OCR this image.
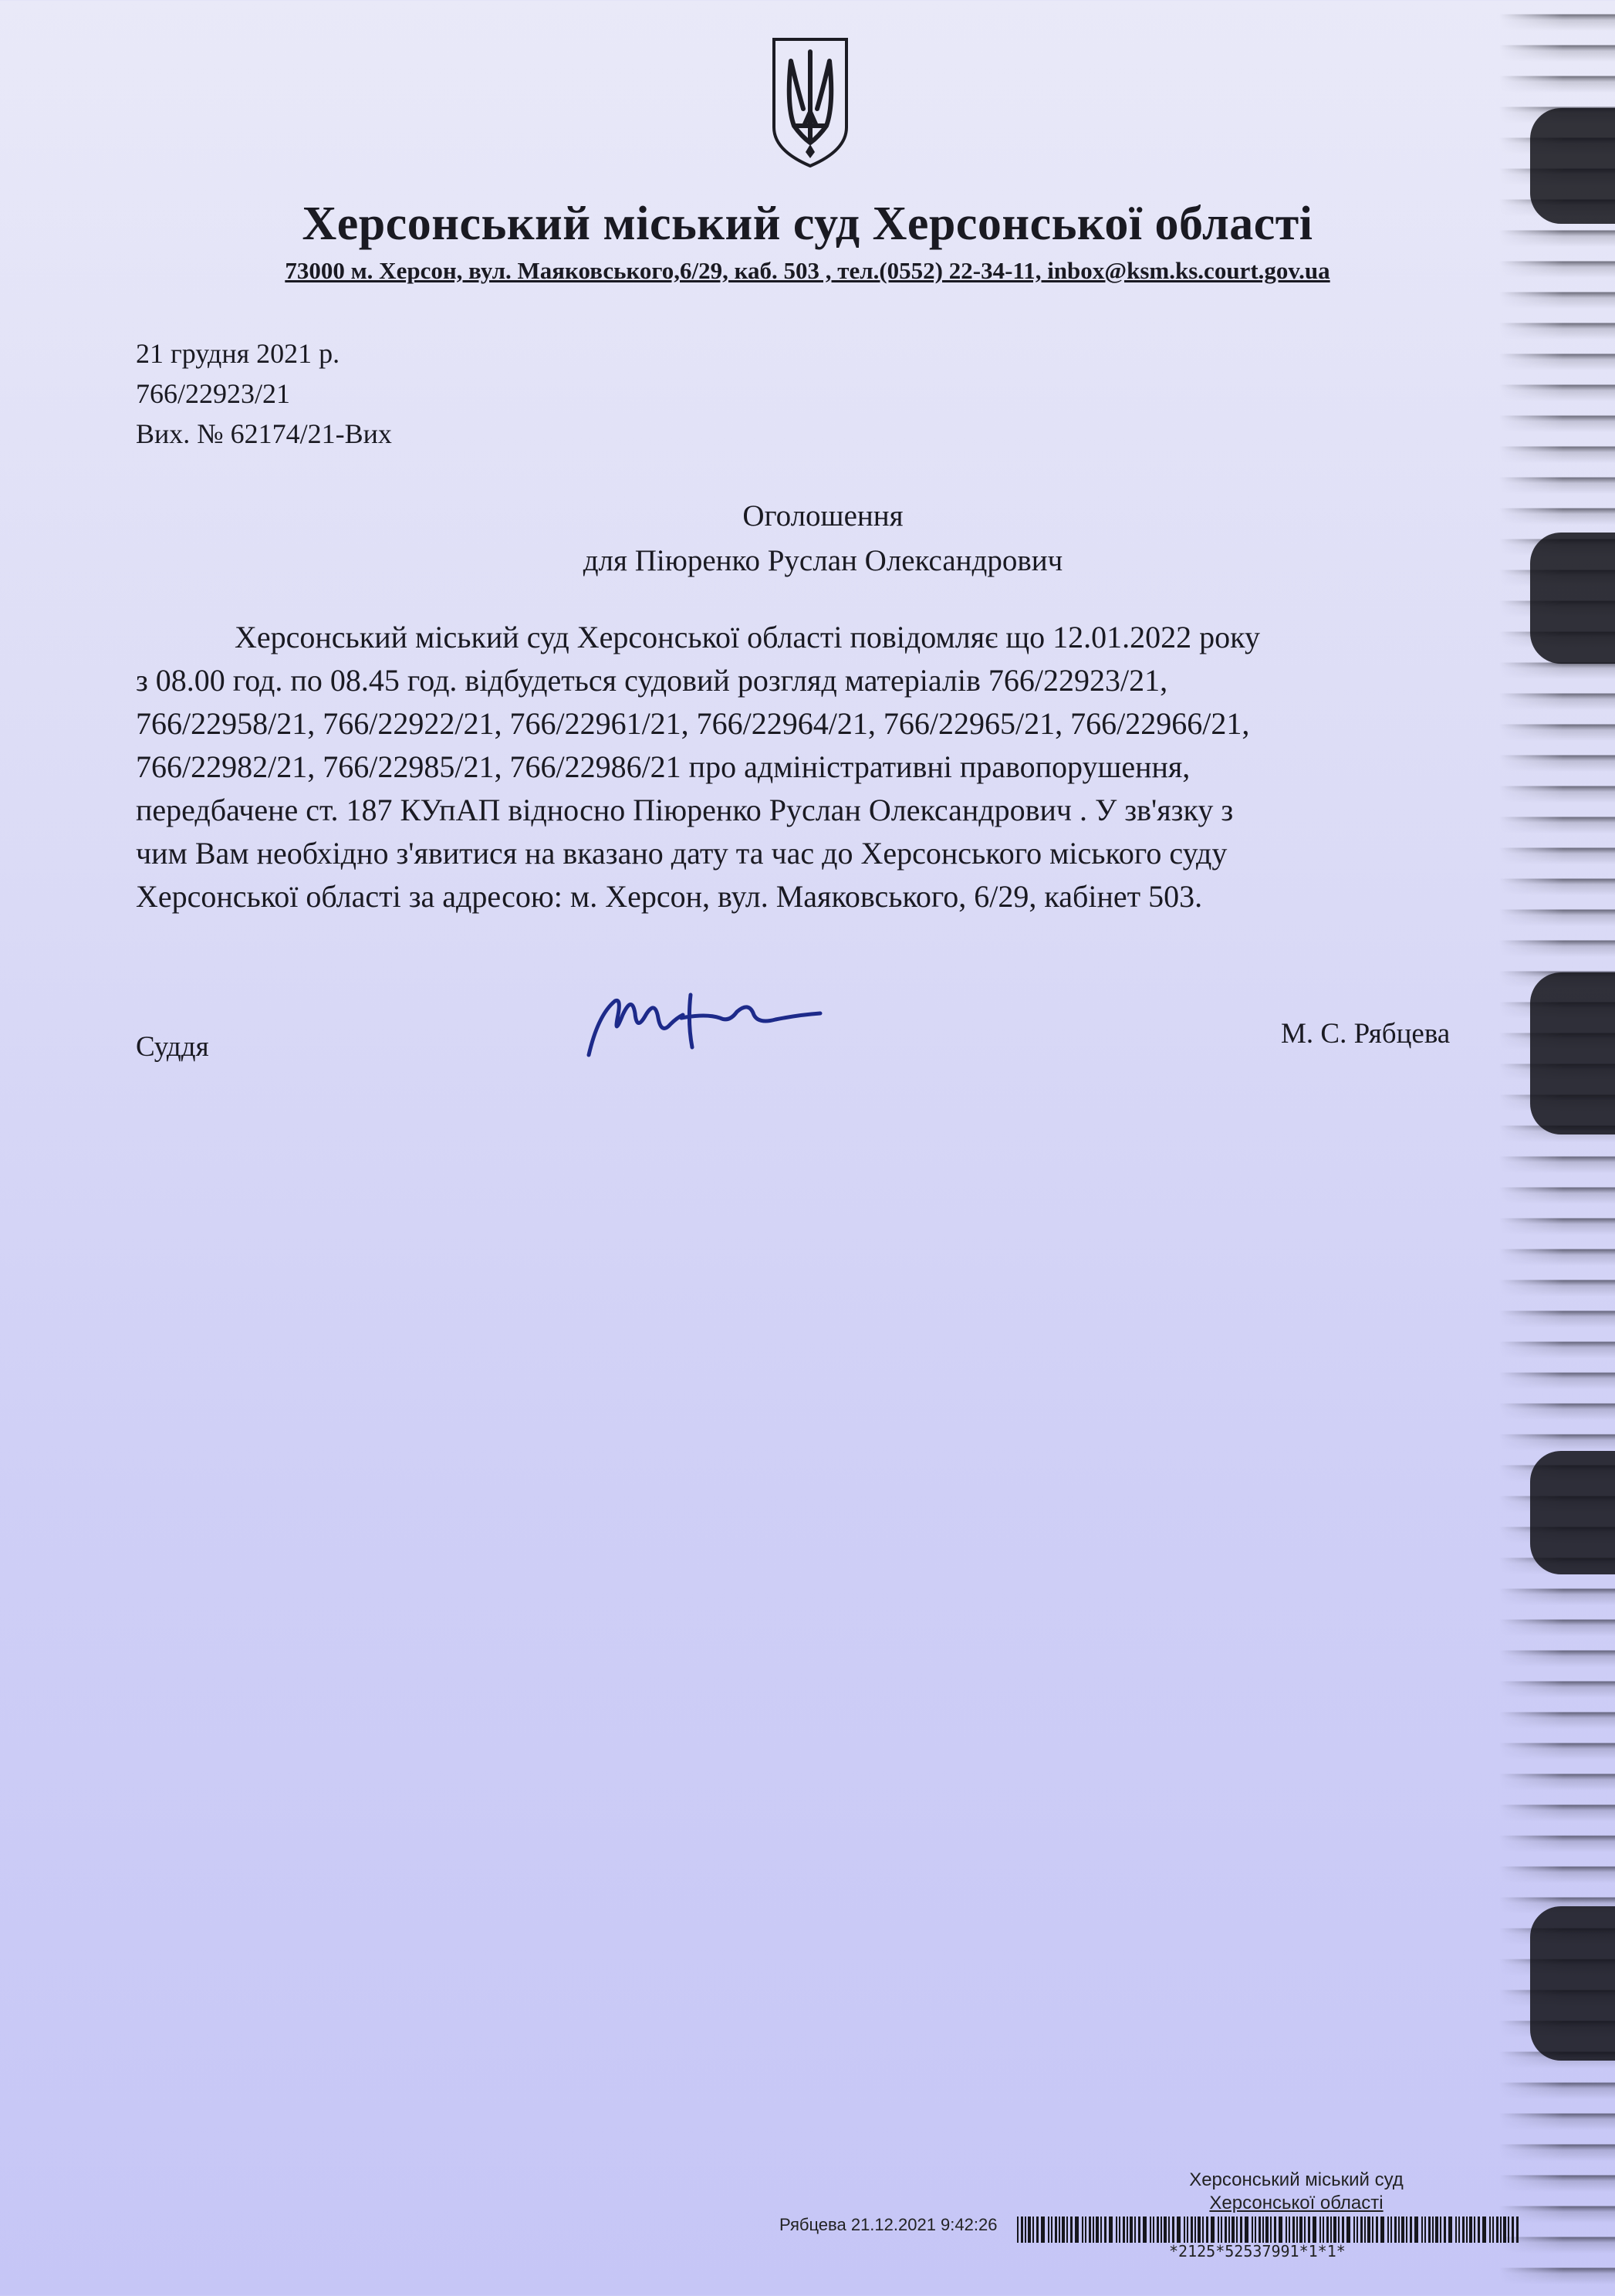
Херсонський міський суд Херсонської області
73000 м. Херсон, вул. Маяковського,6/29, каб. 503 , тел.(0552) 22-34-11, inbox@ksm.ks.court.gov.ua
21 грудня 2021 р.
766/22923/21
Вих. № 62174/21-Вих
Оголошення
для Піюренко Руслан Олександрович
Херсонський міський суд Херсонської області повідомляє що 12.01.2022 року
з 08.00 год. по 08.45 год. відбудеться судовий розгляд матеріалів 766/22923/21,
766/22958/21, 766/22922/21, 766/22961/21, 766/22964/21, 766/22965/21, 766/22966/21,
766/22982/21, 766/22985/21, 766/22986/21 про адміністративні правопорушення,
передбачене ст. 187 КУпАП відносно Піюренко Руслан Олександрович . У зв'язку з
чим Вам необхідно з'явитися на вказано дату та час до Херсонського міського суду
Херсонської області за адресою: м. Херсон, вул. Маяковського, 6/29, кабінет 503.
Суддя	М. С. Рябцева
Херсонський міський суд
Херсонської області
Рябцева 21.12.2021 9:42:26
*2125*52537991*1*1*
